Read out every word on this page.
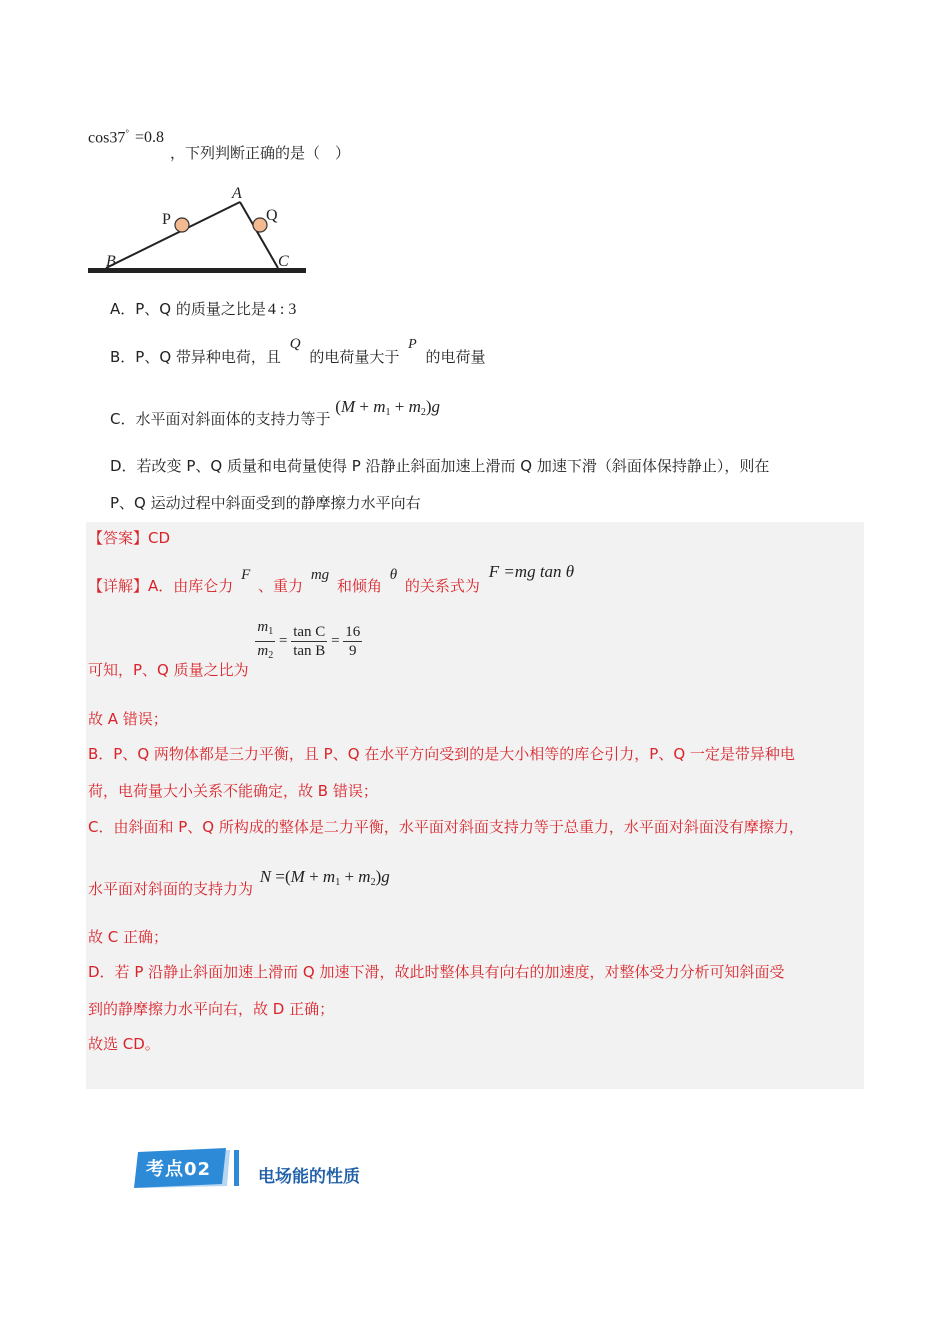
cos37° =0.8
，下列判断正确的是（　）
A
B	C
P	Q
A．P、Q 的质量之比是 4 : 3
B．P、Q 带异种电荷，且 Q 的电荷量大于 P 的电荷量
C．水平面对斜面体的支持力等于 $(M + m_1 + m_2)g$
D．若改变 P、Q 质量和电荷量使得 P 沿静止斜面加速上滑而 Q 加速下滑（斜面体保持静止），则在
P、Q 运动过程中斜面受到的静摩擦力水平向右
【答案】CD
【详解】A．由库仑力 F 、重力 mg 和倾角 θ 的关系式为 F =mg tan θ
可知，P、Q 质量之比为
$\frac{m_1}{m_2} = \frac{\text{tan C}}{\text{tan B}} = \frac{16}{9}$
故 A 错误；
B．P、Q 两物体都是三力平衡，且 P、Q 在水平方向受到的是大小相等的库仑引力，P、Q 一定是带异种电
荷，电荷量大小关系不能确定，故 B 错误；
C．由斜面和 P、Q 所构成的整体是二力平衡，水平面对斜面支持力等于总重力，水平面对斜面没有摩擦力，
水平面对斜面的支持力为 $N =(M + m_1 + m_2)g$
故 C 正确；
D．若 P 沿静止斜面加速上滑而 Q 加速下滑，故此时整体具有向右的加速度，对整体受力分析可知斜面受
到的静摩擦力水平向右，故 D 正确；
故选 CD。
考点02	电场能的性质
